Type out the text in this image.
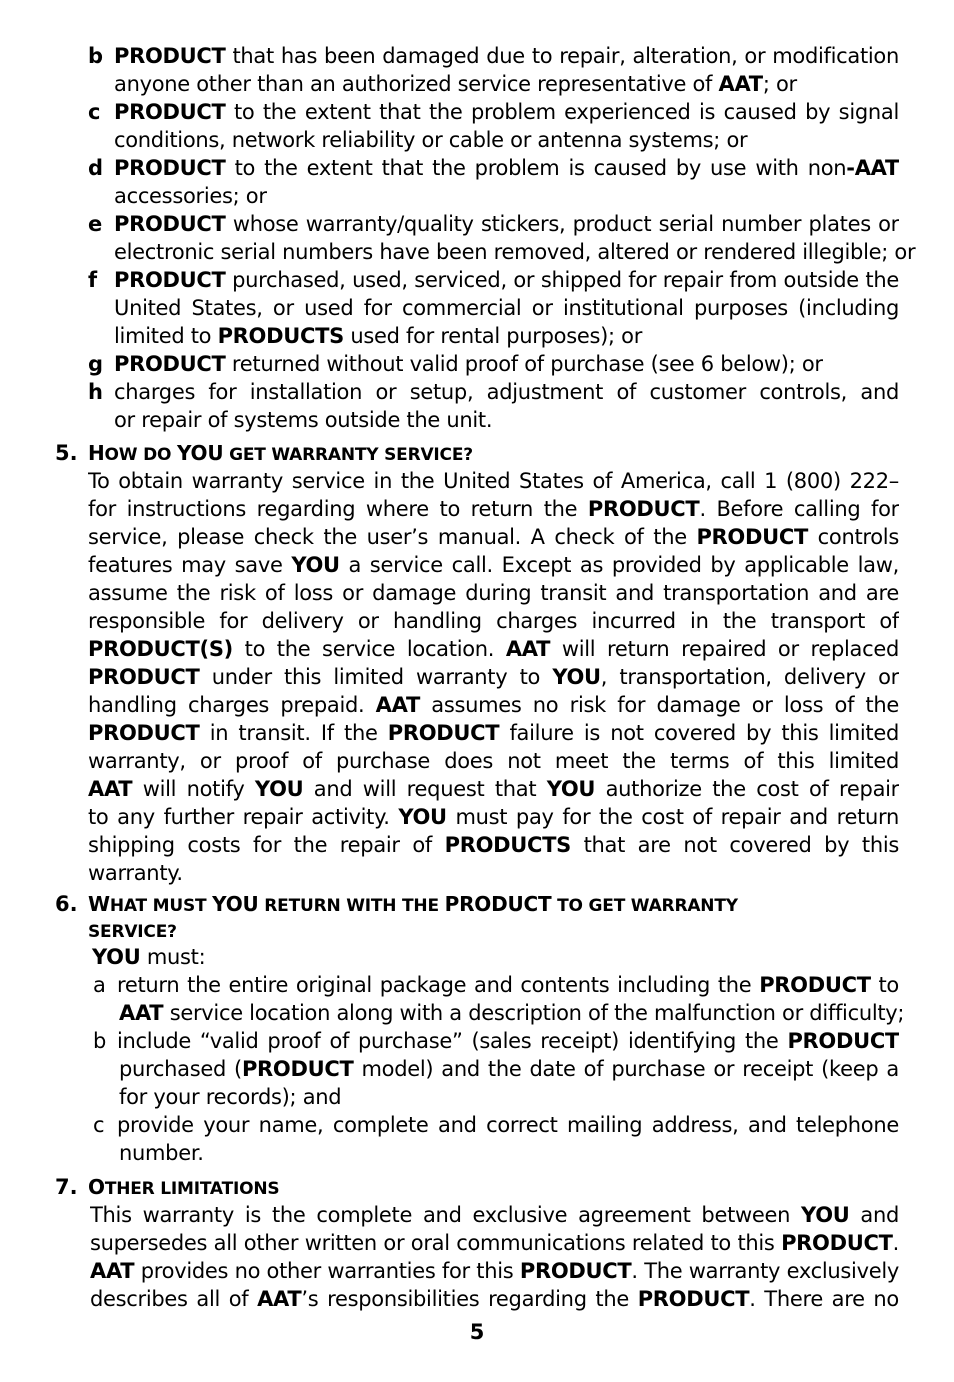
b PRODUCT that has been damaged due to repair, alteration, or modification
anyone other than an authorized service representative of AAT; or
c PRODUCT to the extent that the problem experienced is caused by signal
conditions, network reliability or cable or antenna systems; or
d PRODUCT to the extent that the problem is caused by use with non-AAT
accessories; or
e PRODUCT whose warranty/quality stickers, product serial number plates or
electronic serial numbers have been removed, altered or rendered illegible; or
f PRODUCT purchased, used, serviced, or shipped for repair from outside the
United States, or used for commercial or institutional purposes (including
limited to PRODUCTS used for rental purposes); or
g PRODUCT returned without valid proof of purchase (see 6 below); or
h charges for installation or setup, adjustment of customer controls, and
or repair of systems outside the unit.
5. HOW DO YOU GET WARRANTY SERVICE?
To obtain warranty service in the United States of America, call 1 (800) 222–
for instructions regarding where to return the PRODUCT. Before calling for
service, please check the user’s manual. A check of the PRODUCT controls
features may save YOU a service call. Except as provided by applicable law,
assume the risk of loss or damage during transit and transportation and are
responsible for delivery or handling charges incurred in the transport of
PRODUCT(S) to the service location. AAT will return repaired or replaced
PRODUCT under this limited warranty to YOU, transportation, delivery or
handling charges prepaid. AAT assumes no risk for damage or loss of the
PRODUCT in transit. If the PRODUCT failure is not covered by this limited
warranty, or proof of purchase does not meet the terms of this limited
AAT will notify YOU and will request that YOU authorize the cost of repair
to any further repair activity. YOU must pay for the cost of repair and return
shipping costs for the repair of PRODUCTS that are not covered by this
warranty.
6. WHAT MUST YOU RETURN WITH THE PRODUCT TO GET WARRANTY
SERVICE?
YOU must:
a return the entire original package and contents including the PRODUCT to
AAT service location along with a description of the malfunction or difficulty;
b include “valid proof of purchase” (sales receipt) identifying the PRODUCT
purchased (PRODUCT model) and the date of purchase or receipt (keep a
for your records); and
c provide your name, complete and correct mailing address, and telephone
number.
7. OTHER LIMITATIONS
This warranty is the complete and exclusive agreement between YOU and
supersedes all other written or oral communications related to this PRODUCT.
AAT provides no other warranties for this PRODUCT. The warranty exclusively
describes all of AAT’s responsibilities regarding the PRODUCT. There are no
5
